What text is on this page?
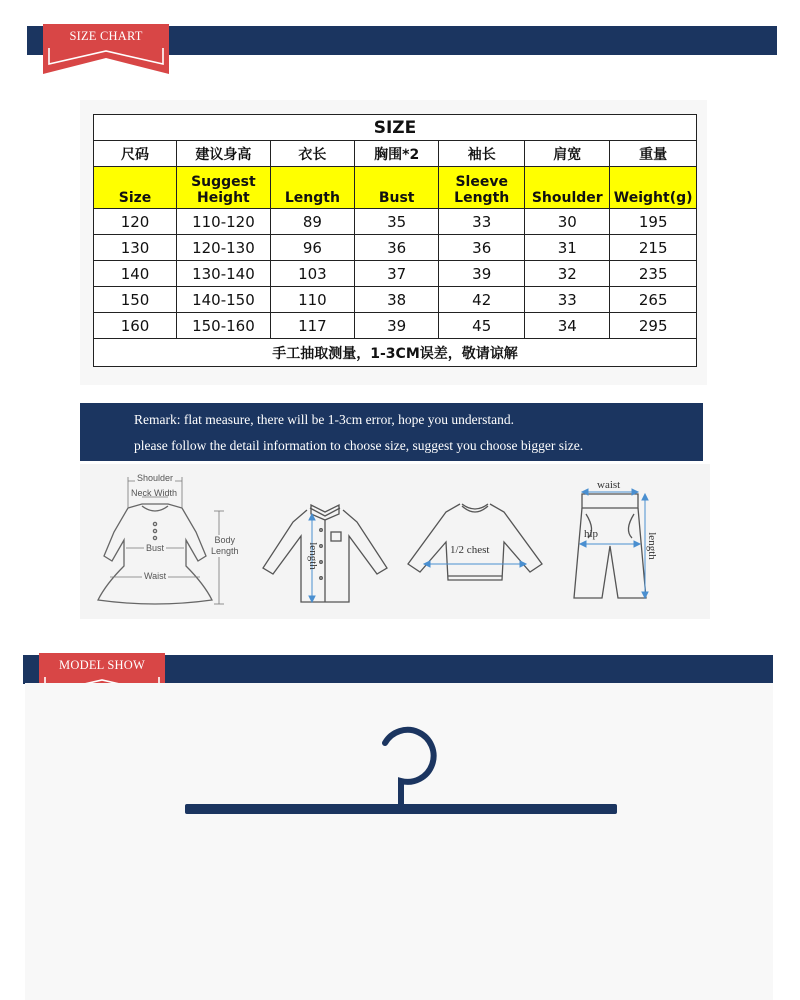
SIZE CHART
SIZE						
尺码	建议身高	衣长	胸围*2	袖长	肩宽	重量
Size	Suggest Height	Length	Bust	Sleeve Length	Shoulder	Weight(g)
120	110-120	89	35	33	30	195
130	120-130	96	36	36	31	215
140	130-140	103	37	39	32	235
150	140-150	110	38	42	33	265
160	150-160	117	39	45	34	295
手工抽取测量，1-3CM误差，敬请谅解						
Remark: flat measure, there will be 1-3cm error, hope you understand.
please follow the detail information to choose size, suggest you choose bigger size.
Shoulder
Neck Width
Bust
Body
Length
Waist
length	1/2 chest
waist
hip	length
MODEL SHOW
